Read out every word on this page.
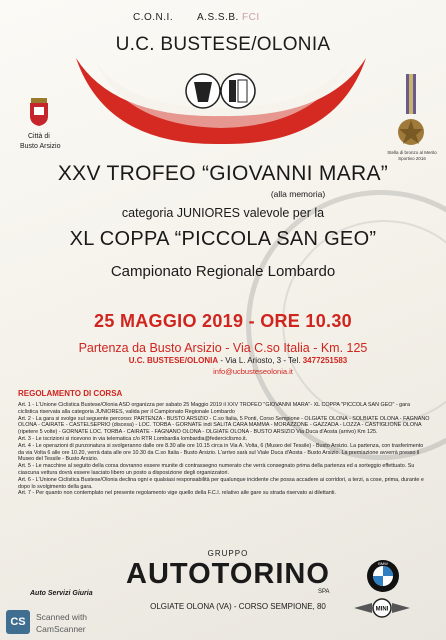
C.O.N.I. A.S.S.B. FCI
U.C. BUSTESE/OLONIA
Città di
Busto Arsizio
Stella di bronzo al Merito Sportivo 2016
XXV TROFEO “GIOVANNI MARA”
(alla memoria)
categoria JUNIORES valevole per la
XL COPPA “PICCOLA SAN GEO”
Campionato Regionale Lombardo
25 MAGGIO 2019 - ORE 10.30
Partenza da Busto Arsizio - Via C.so Italia - Km. 125
U.C. BUSTESE/OLONIA - Via L. Ariosto, 3 - Tel. 3477251583
info@ucbusteseolonia.it
REGOLAMENTO DI CORSA

Art. 1 - L'Unione Ciclistica Bustese/Olonia ASD organizza per sabato 25 Maggio 2019 il XXV TROFEO "GIOVANNI MARA"- XL COPPA "PICCOLA SAN GEO" - gara ciclistica riservata alla categoria JUNIORES, valida per il Campionato Regionale Lombardo

Art. 2 - La gara si svolge sul seguente percorso: PARTENZA - BUSTO ARSIZIO - C.so Italia, 5 Ponti, Corso Sempione - OLGIATE OLONA - SOLBIATE OLONA - FAGNANO OLONA - CAIRATE - CASTELSEPRIO (discesa) - LOC. TORBA - GORNATE indi SALITA CARA MAMMA - MORAZZONE - GAZZADA - LOZZA - CASTIGLIONE OLONA (ripetere 5 volte) - GORNATE LOC. TORBA - CAIRATE - FAGNANO OLONA - OLGIATE OLONA - BUSTO ARSIZIO Via Duca d'Aosta (arrivo) Km 125.

Art. 3 - Le iscrizioni si ricevono in via telematica c/o RTR Lombardia lombardia@federciclismo.it.

Art. 4 - Le operazioni di punzonatura si svolgeranno dalle ore 8.30 alle ore 10.15 circa in Via A. Volta, 6 (Museo del Tessile) - Busto Arsizio. La partenza, con trasferimento da via Volta 6 alle ore 10.20, verrà data alle ore 10.30 da C.so Italia - Busto Arsizio. L'arrivo sarà sul Viale Duca d'Aosta - Busto Arsizio. La premiazione avverrà presso il Museo del Tessile - Busto Arsizio.

Art. 5 - Le macchine al seguito della corsa dovranno essere munite di contrassegno numerato che verrà consegnato prima della partenza ed a sorteggio effettuato. Su ciascuna vettura dovrà essere lasciato libero un posto a disposizione degli organizzatori.

Art. 6 - L'Unione Ciclistica Bustese/Olonia declina ogni e qualsiasi responsabilità per qualunque incidente che possa accadere ai corridori, a terzi, a cose, prima, durante e dopo lo svolgimento della gara.

Art. 7 - Per quanto non contemplato nel presente regolamento vige quello della F.C.I. relativo alle gare su strada riservato ai dilettanti.

GRUPPO
AUTOTORINO
SPA
Auto Servizi Giuria
OLGIATE OLONA (VA) - CORSO SEMPIONE, 80
BMW
MINI
CS	Scanned with
CamScanner
